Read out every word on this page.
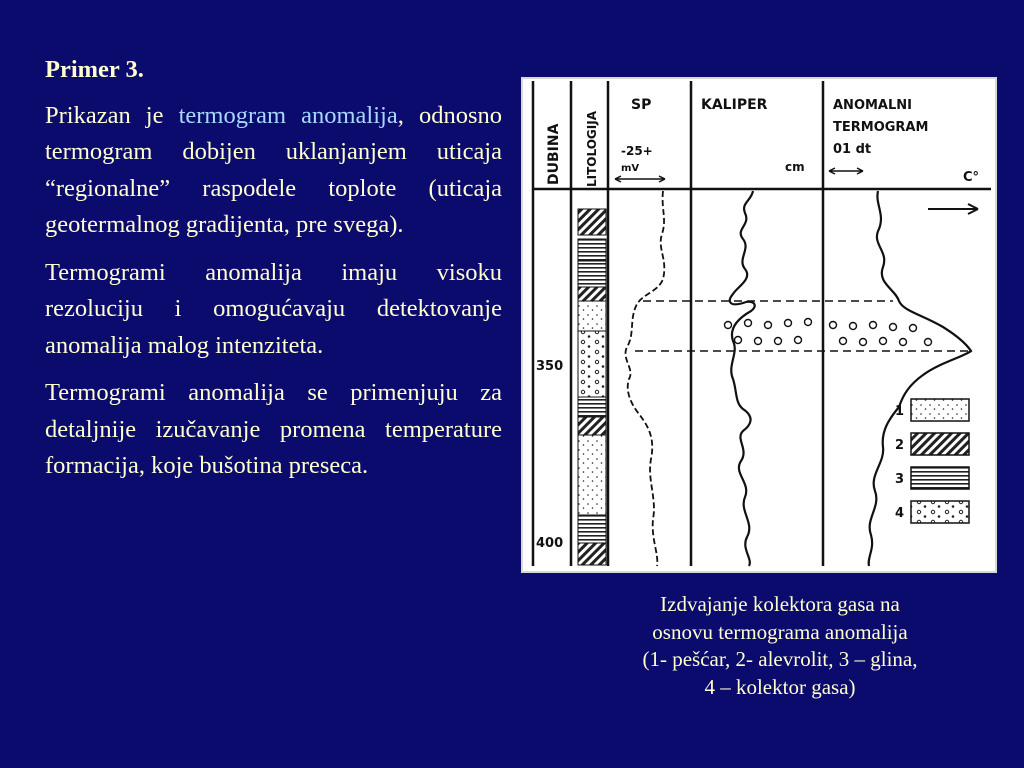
Primer 3.

Prikazan je termogram anomalija, odnosno termogram dobijen uklanjanjem uticaja “regionalne” raspodele toplote (uticaja geotermalnog gradijenta, pre svega).

Termogrami anomalija imaju visoku rezoluciju i omogućavaju detektovanje anomalija malog intenziteta.

Termogrami anomalija se primenjuju za detaljnije izučavanje promena temperature formacija, koje bušotina preseca.

DUBINA LITOLOGIJA
SP
-25+
mV
KALIPER
cm
ANOMALNI
TERMOGRAM
01 dt
C°
350
400
1
2
3
4
Izdvajanje kolektora gasa na
osnovu termograma anomalija
(1- pešćar, 2- alevrolit, 3 – glina,
4 – kolektor gasa)
